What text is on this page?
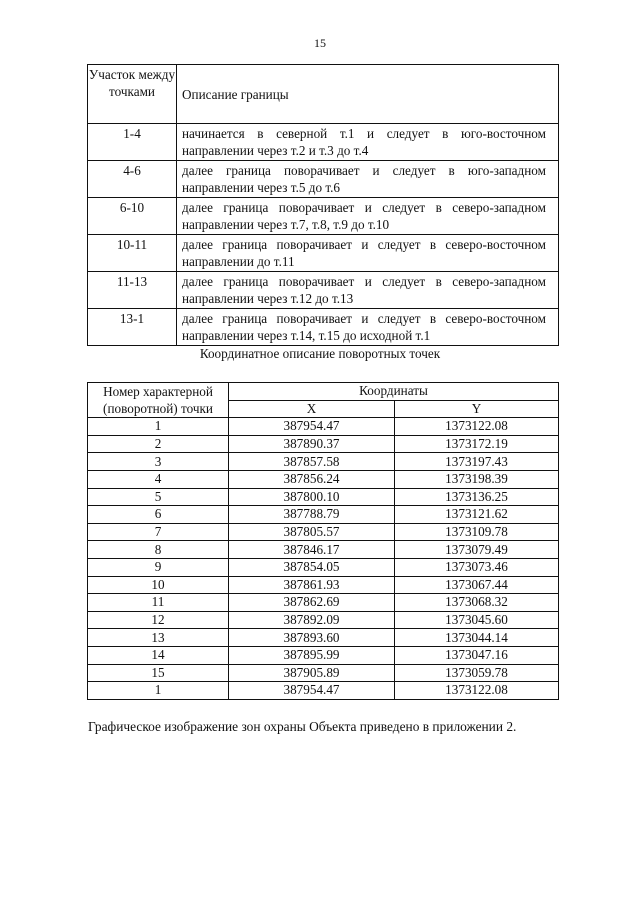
15
Участок между точками	Описание границы
1-4	начинается в северной т.1 и следует в юго-восточном направлении через т.2 и т.3 до т.4
4-6	далее граница поворачивает и следует в юго-западном направлении через т.5 до т.6
6-10	далее граница поворачивает и следует в северо-западном направлении через т.7, т.8, т.9 до т.10
10-11	далее граница поворачивает и следует в северо-восточном направлении до т.11
11-13	далее граница поворачивает и следует в северо-западном направлении через т.12 до т.13
13-1	далее граница поворачивает и следует в северо-восточном направлении через т.14, т.15 до исходной т.1
Координатное описание поворотных точек
Номер характерной (поворотной) точки	Координаты	
	X	Y
1	387954.47	1373122.08
2	387890.37	1373172.19
3	387857.58	1373197.43
4	387856.24	1373198.39
5	387800.10	1373136.25
6	387788.79	1373121.62
7	387805.57	1373109.78
8	387846.17	1373079.49
9	387854.05	1373073.46
10	387861.93	1373067.44
11	387862.69	1373068.32
12	387892.09	1373045.60
13	387893.60	1373044.14
14	387895.99	1373047.16
15	387905.89	1373059.78
1	387954.47	1373122.08
Графическое изображение зон охраны Объекта приведено в приложении 2.
